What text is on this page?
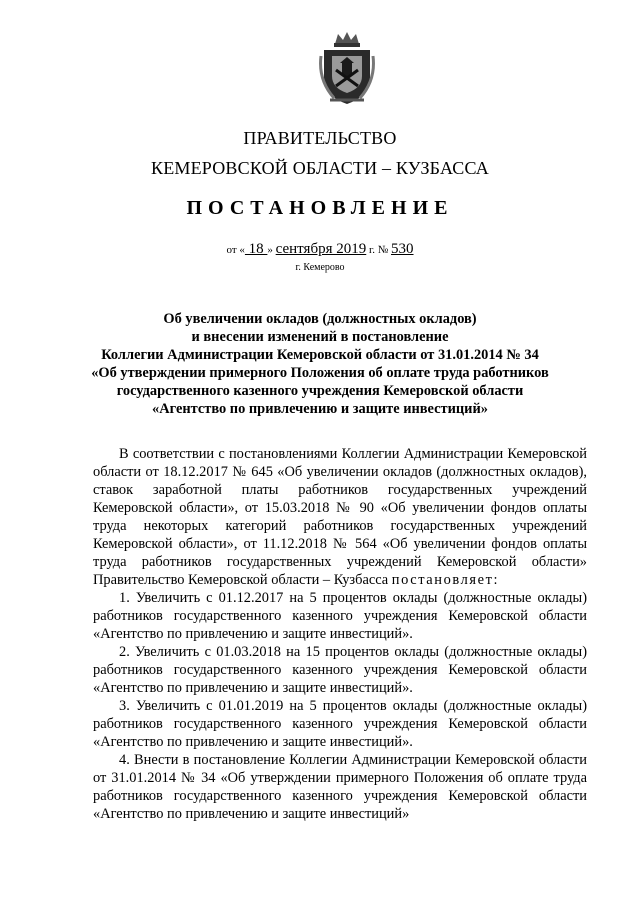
ПРАВИТЕЛЬСТВО
КЕМЕРОВСКОЙ ОБЛАСТИ – КУЗБАССА
ПОСТАНОВЛЕНИЕ
от « 18 » сентября 2019 г. № 530
г. Кемерово
Об увеличении окладов (должностных окладов)
и внесении изменений в постановление
Коллегии Администрации Кемеровской области от 31.01.2014 № 34
«Об утверждении примерного Положения об оплате труда работников
государственного казенного учреждения Кемеровской области
«Агентство по привлечению и защите инвестиций»

В соответствии с постановлениями Коллегии Администрации Кемеровской области от 18.12.2017 № 645 «Об увеличении окладов (должностных окладов), ставок заработной платы работников государственных учреждений Кемеровской области», от 15.03.2018 № 90 «Об увеличении фондов оплаты труда некоторых категорий работников государственных учреждений Кемеровской области», от 11.12.2018 № 564 «Об увеличении фондов оплаты труда работников государственных учреждений Кемеровской области» Правительство Кемеровской области – Кузбасса постановляет:

1. Увеличить с 01.12.2017 на 5 процентов оклады (должностные оклады) работников государственного казенного учреждения Кемеровской области «Агентство по привлечению и защите инвестиций».

2. Увеличить с 01.03.2018 на 15 процентов оклады (должностные оклады) работников государственного казенного учреждения Кемеровской области «Агентство по привлечению и защите инвестиций».

3. Увеличить с 01.01.2019 на 5 процентов оклады (должностные оклады) работников государственного казенного учреждения Кемеровской области «Агентство по привлечению и защите инвестиций».

4. Внести в постановление Коллегии Администрации Кемеровской области от 31.01.2014 № 34 «Об утверждении примерного Положения об оплате труда работников государственного казенного учреждения Кемеровской области «Агентство по привлечению и защите инвестиций»
